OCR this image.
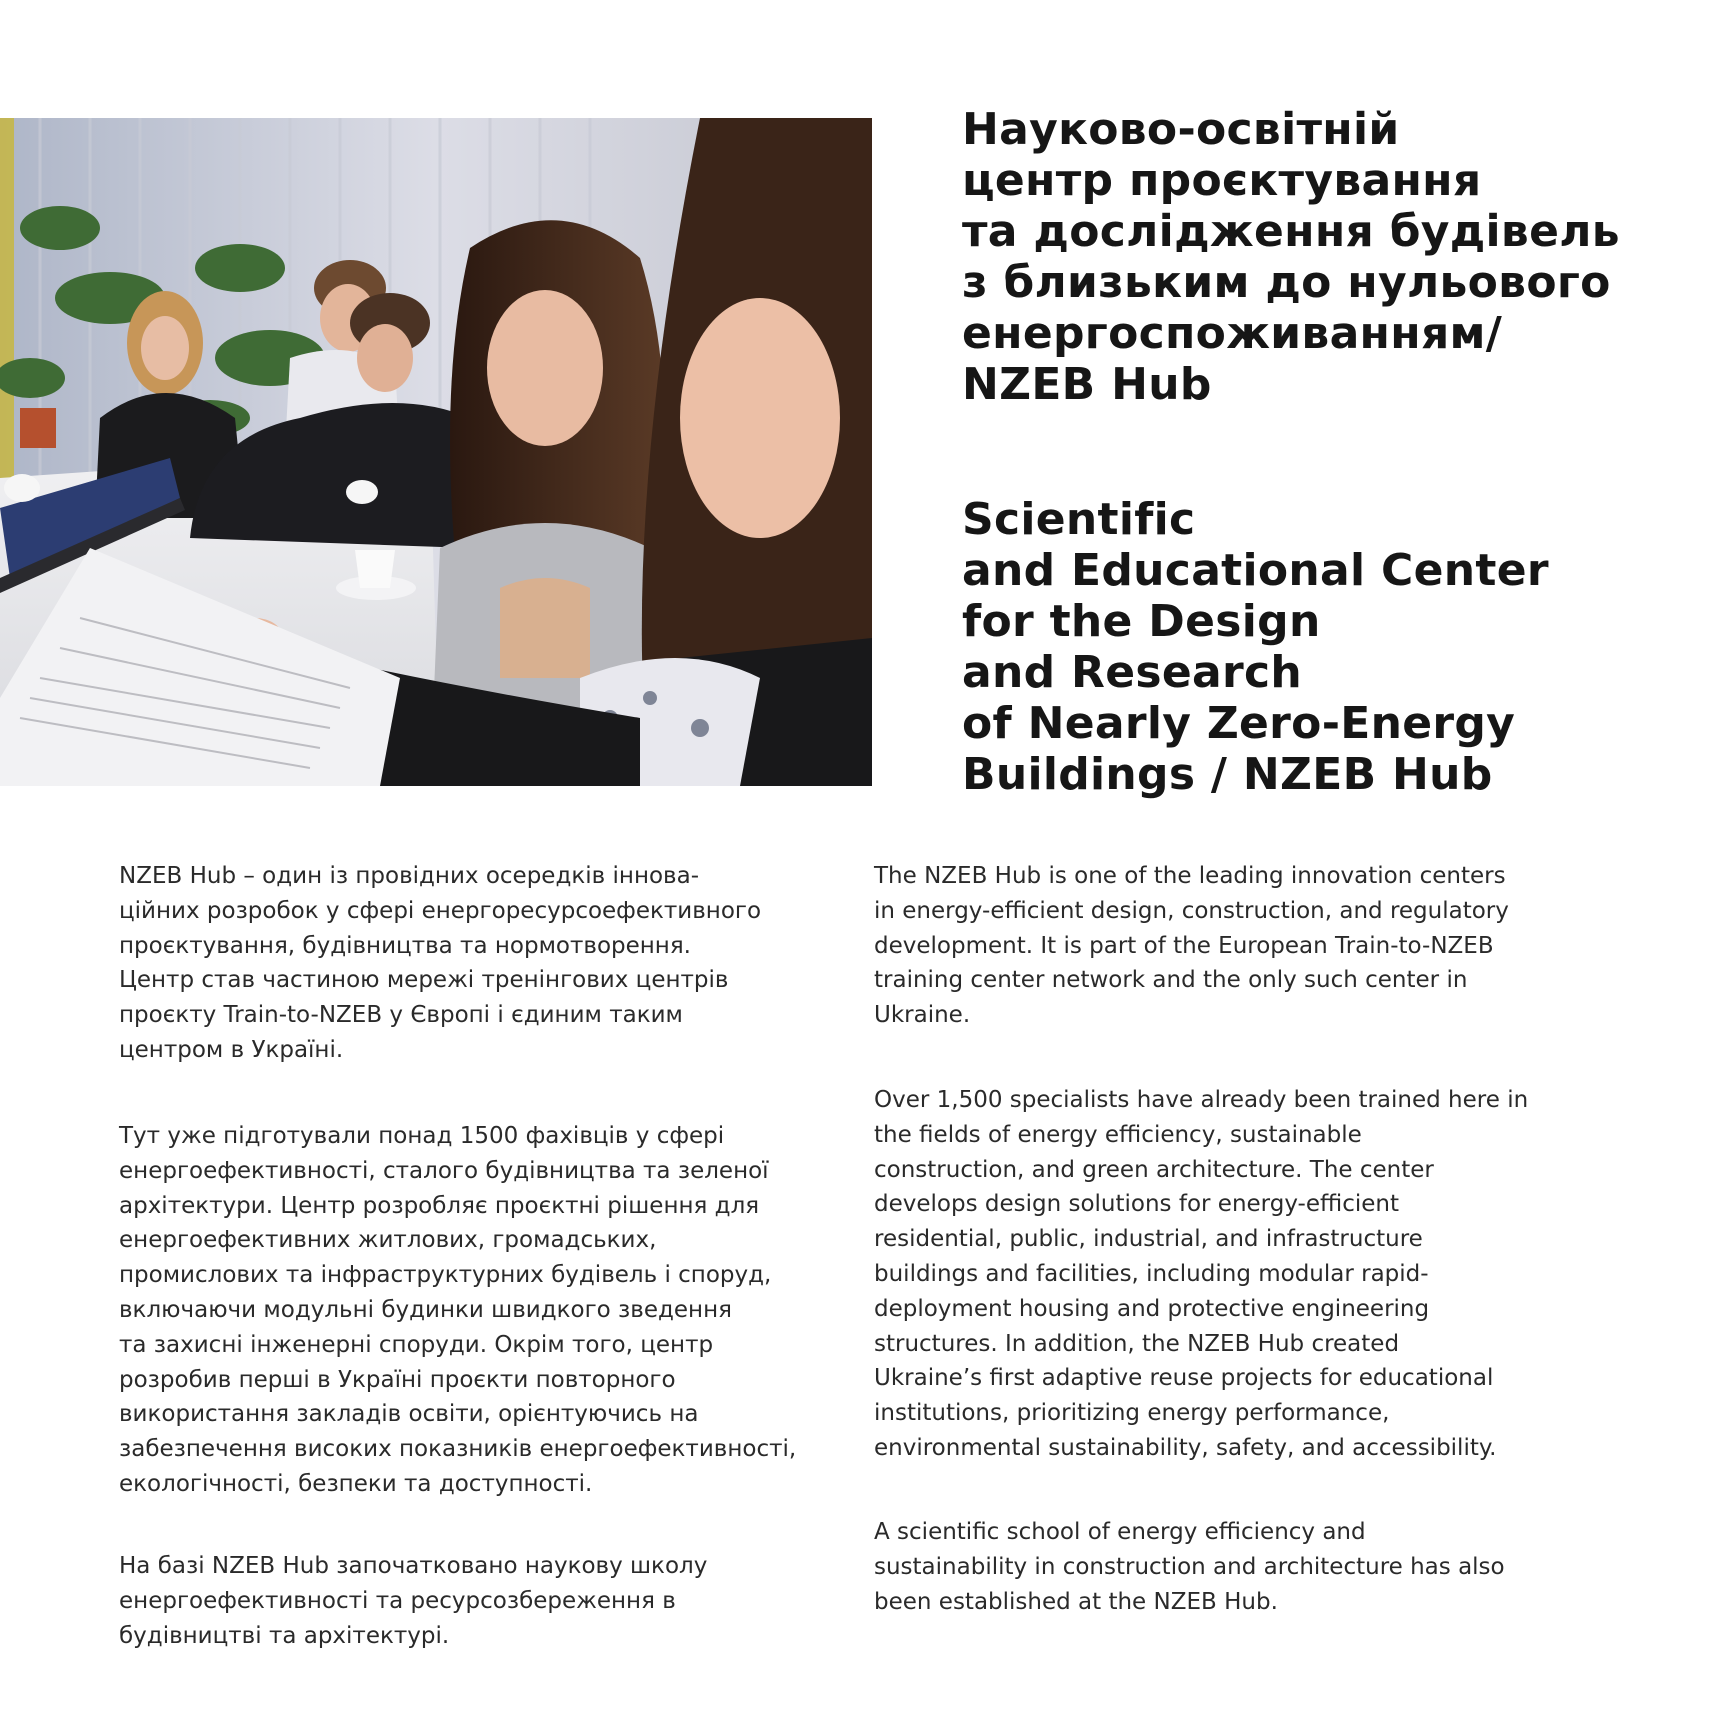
Науково-освітній
центр проєктування
та дослідження будівель
з близьким до нульового
енергоспоживанням/
NZEB Hub
Scientific
and Educational Center
for the Design
and Research
of Nearly Zero-Energy
Buildings / NZEB Hub

NZEB Hub – один із провідних осередків іннова-
ційних розробок у сфері енергоресурсоефективного
проєктування, будівництва та нормотворення.
Центр став частиною мережі тренінгових центрів
проєкту Train-to-NZEB у Європі і єдиним таким
центром в Україні.

Тут уже підготували понад 1500 фахівців у сфері
енергоефективності, сталого будівництва та зеленої
архітектури. Центр розробляє проєктні рішення для
енергоефективних житлових, громадських,
промислових та інфраструктурних будівель і споруд,
включаючи модульні будинки швидкого зведення
та захисні інженерні споруди. Окрім того, центр
розробив перші в Україні проєкти повторного
використання закладів освіти, орієнтуючись на
забезпечення високих показників енергоефективності,
екологічності, безпеки та доступності.

На базі NZEB Hub започатковано наукову школу
енергоефективності та ресурсозбереження в
будівництві та архітектурі.

The NZEB Hub is one of the leading innovation centers
in energy-efficient design, construction, and regulatory
development. It is part of the European Train-to-NZEB
training center network and the only such center in
Ukraine.

Over 1,500 specialists have already been trained here in
the fields of energy efficiency, sustainable
construction, and green architecture. The center
develops design solutions for energy-efficient
residential, public, industrial, and infrastructure
buildings and facilities, including modular rapid-
deployment housing and protective engineering
structures. In addition, the NZEB Hub created
Ukraine’s first adaptive reuse projects for educational
institutions, prioritizing energy performance,
environmental sustainability, safety, and accessibility.

A scientific school of energy efficiency and
sustainability in construction and architecture has also
been established at the NZEB Hub.
